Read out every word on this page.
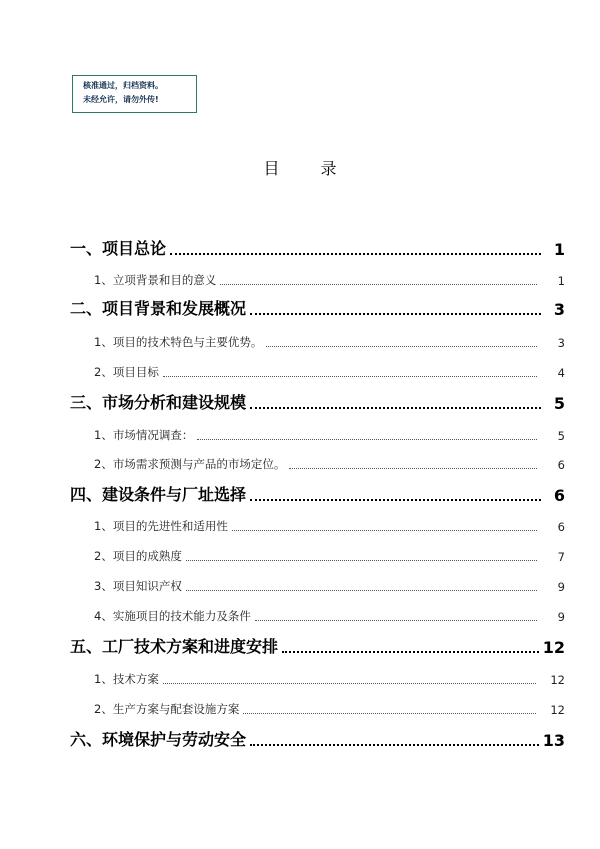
核准通过，归档资料。
未经允许，请勿外传!
目 录
一、项目总论	1
1、立项背景和目的意义	1
二、项目背景和发展概况	3
1、项目的技术特色与主要优势。	3
2、项目目标	4
三、市场分析和建设规模	5
1、市场情况调查：	5
2、市场需求预测与产品的市场定位。	6
四、建设条件与厂址选择	6
1、项目的先进性和适用性	6
2、项目的成熟度	7
3、项目知识产权	9
4、实施项目的技术能力及条件	9
五、工厂技术方案和进度安排	12
1、技术方案	12
2、生产方案与配套设施方案	12
六、环境保护与劳动安全	13
